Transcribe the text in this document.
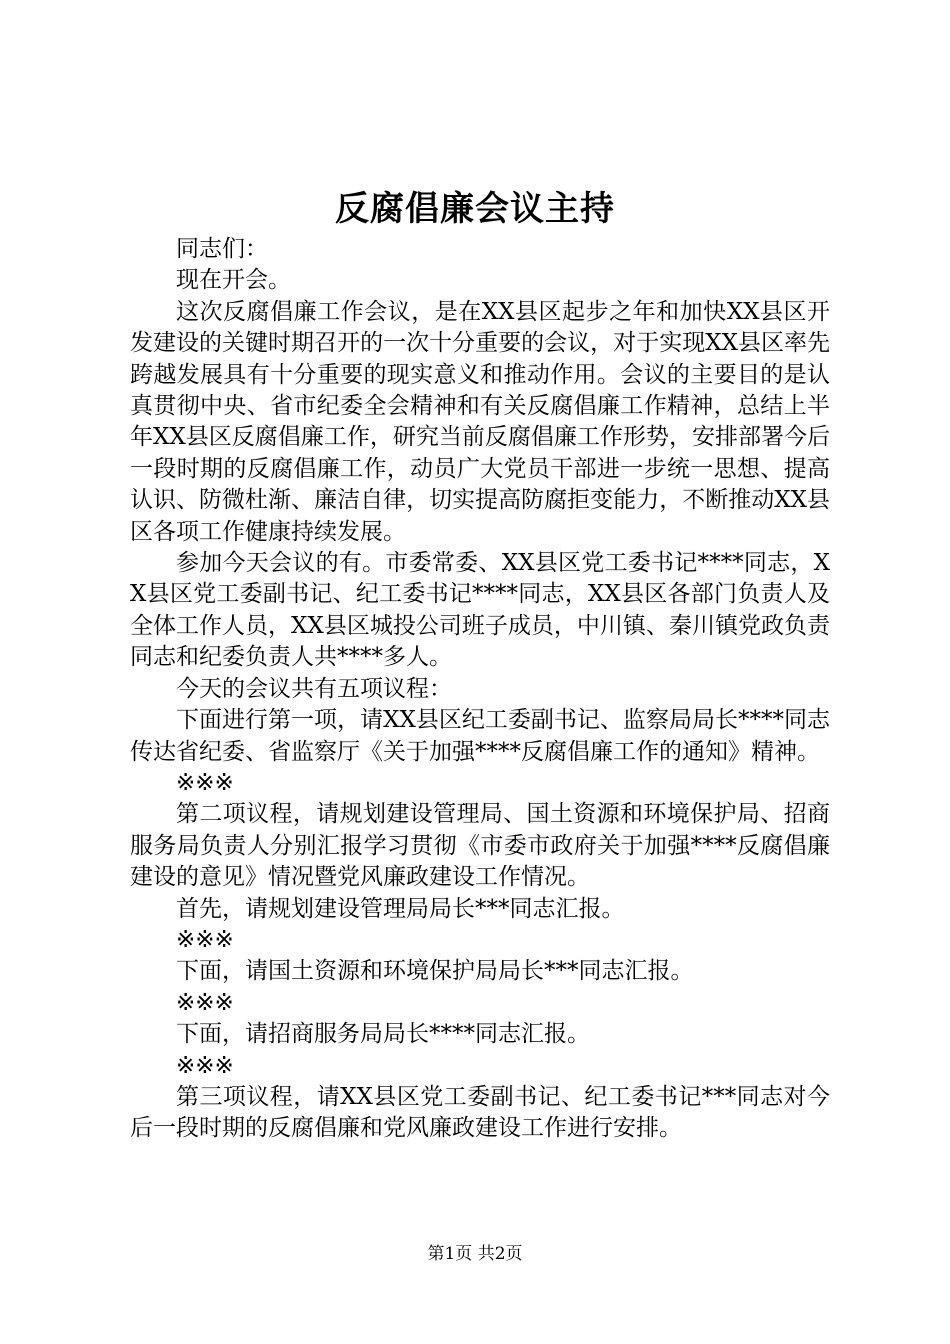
反腐倡廉会议主持

同志们：

现在开会。

这次反腐倡廉工作会议，是在XX县区起步之年和加快XX县区开发建设的关键时期召开的一次十分重要的会议，对于实现XX县区率先跨越发展具有十分重要的现实意义和推动作用。会议的主要目的是认真贯彻中央、省市纪委全会精神和有关反腐倡廉工作精神，总结上半年XX县区反腐倡廉工作，研究当前反腐倡廉工作形势，安排部署今后一段时期的反腐倡廉工作，动员广大党员干部进一步统一思想、提高认识、防微杜渐、廉洁自律，切实提高防腐拒变能力，不断推动XX县区各项工作健康持续发展。

参加今天会议的有。市委常委、XX县区党工委书记****同志，XX县区党工委副书记、纪工委书记****同志，XX县区各部门负责人及全体工作人员，XX县区城投公司班子成员，中川镇、秦川镇党政负责同志和纪委负责人共****多人。

今天的会议共有五项议程：

下面进行第一项，请XX县区纪工委副书记、监察局局长****同志传达省纪委、省监察厅《关于加强****反腐倡廉工作的通知》精神。

※※※

第二项议程，请规划建设管理局、国土资源和环境保护局、招商服务局负责人分别汇报学习贯彻《市委市政府关于加强****反腐倡廉建设的意见》情况暨党风廉政建设工作情况。

首先，请规划建设管理局局长***同志汇报。

※※※

下面，请国土资源和环境保护局局长***同志汇报。

※※※

下面，请招商服务局局长****同志汇报。

※※※

第三项议程，请XX县区党工委副书记、纪工委书记***同志对今后一段时期的反腐倡廉和党风廉政建设工作进行安排。

第1页 共2页
